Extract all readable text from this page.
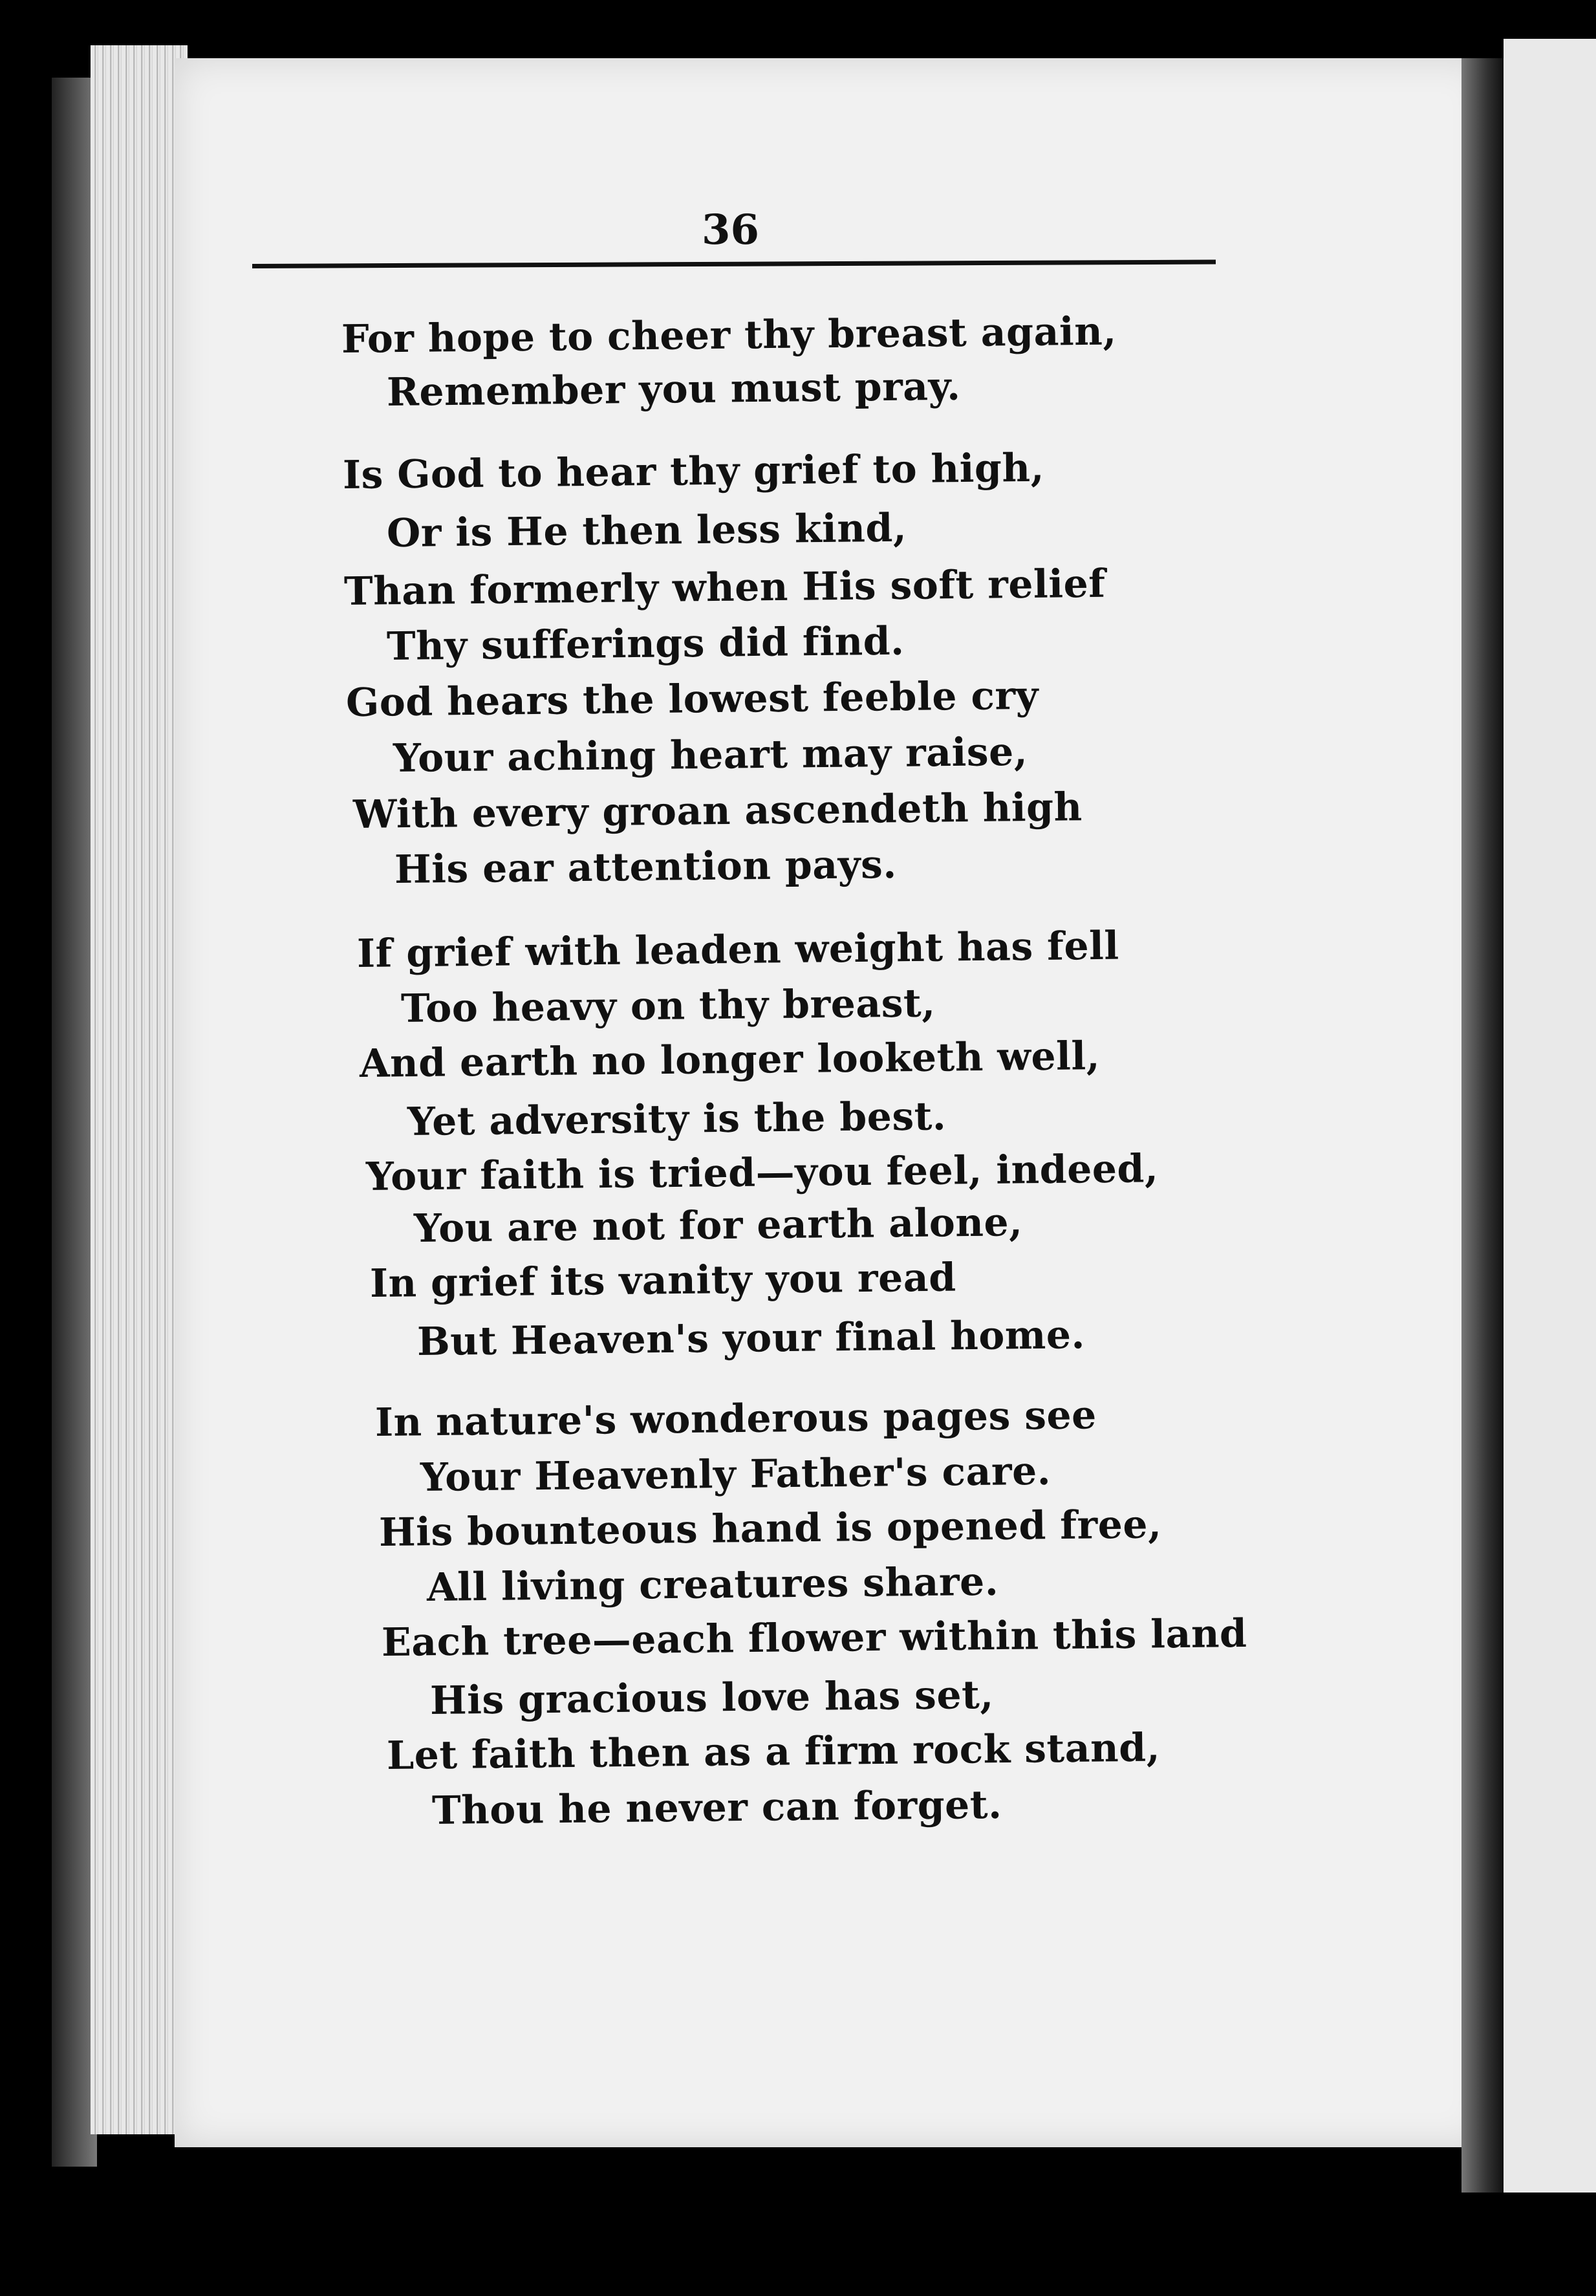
36
For hope to cheer thy breast again,
Remember you must pray.
Is God to hear thy grief to high,
Or is He then less kind,
Than formerly when His soft relief
Thy sufferings did find.
God hears the lowest feeble cry
Your aching heart may raise,
With every groan ascendeth high
His ear attention pays.
If grief with leaden weight has fell
Too heavy on thy breast,
And earth no longer looketh well,
Yet adversity is the best.
Your faith is tried—you feel, indeed,
You are not for earth alone,
In grief its vanity you read
But Heaven's your final home.
In nature's wonderous pages see
Your Heavenly Father's care.
His bounteous hand is opened free,
All living creatures share.
Each tree—each flower within this land
His gracious love has set,
Let faith then as a firm rock stand,
Thou he never can forget.
